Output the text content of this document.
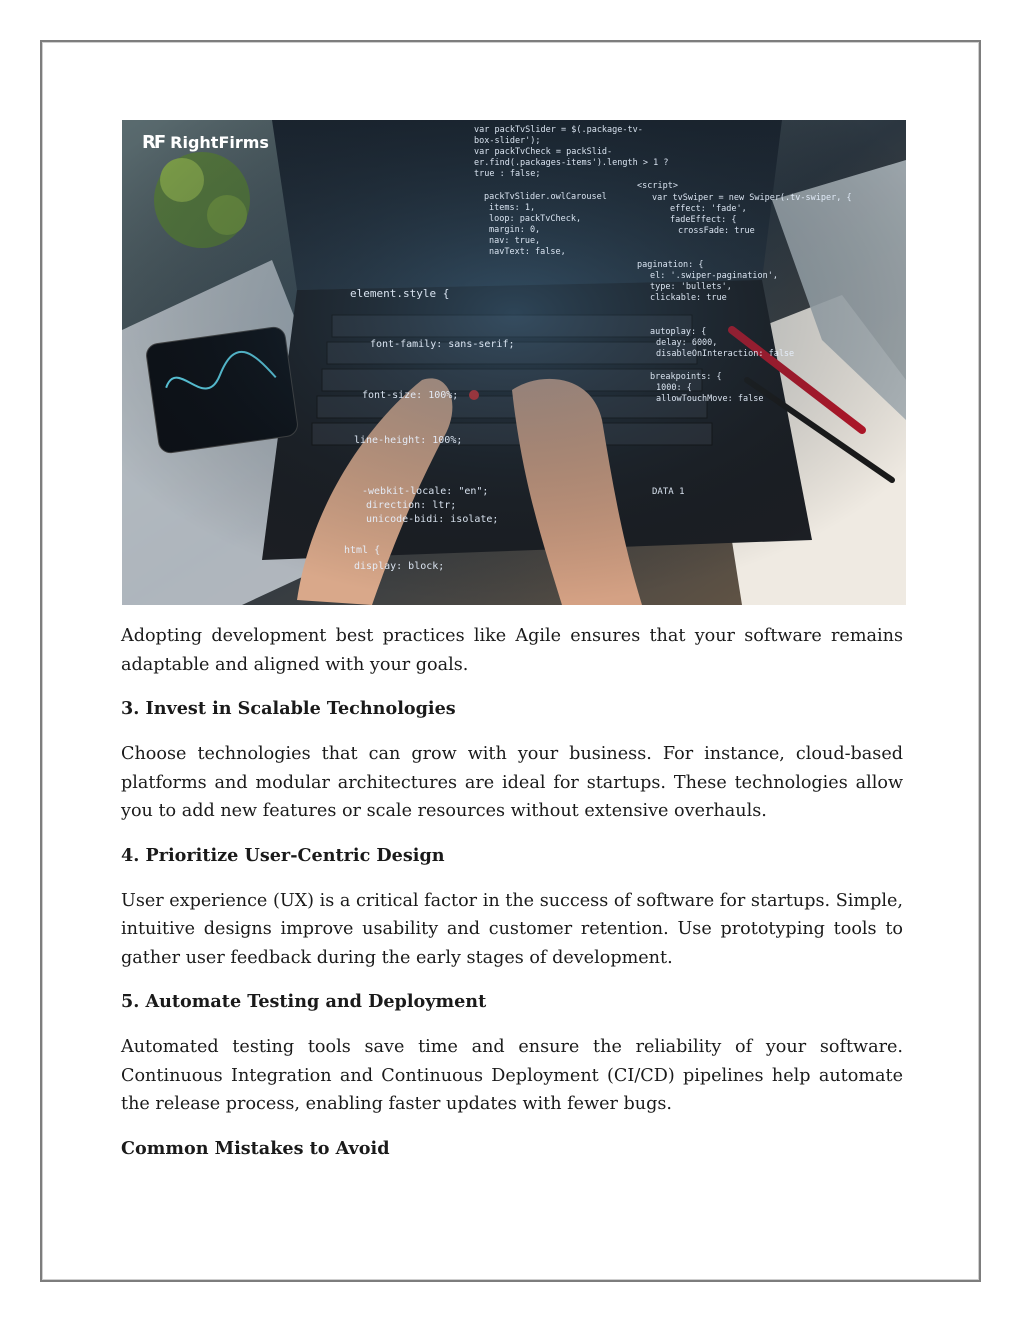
var packTvSlider = $(.package-tv-
box-slider');
var packTvCheck = packSlid-
er.find(.packages-items').length > 1 ?
true : false;
<script>
packTvSlider.owlCarousel	var tvSwiper = new Swiper(.tv-swiper, {
items: 1,	effect: 'fade',
loop: packTvCheck,	fadeEffect: {
margin: 0,	crossFade: true
nav: true,
navText: false,
pagination: {
el: '.swiper-pagination',
type: 'bullets',
clickable: true
element.style {
autoplay: {
delay: 6000,
disableOnInteraction: false
breakpoints: {
1000: {
allowTouchMove: false
font-family: sans-serif;
font-size: 100%;
line-height: 100%;
-webkit-locale: "en";
direction: ltr;
unicode-bidi: isolate;
html {
display: block;
DATA 1
RF RightFirms

Adopting development best practices like Agile ensures that your software remains adaptable and aligned with your goals.

3. Invest in Scalable Technologies

Choose technologies that can grow with your business. For instance, cloud-based platforms and modular architectures are ideal for startups. These technologies allow you to add new features or scale resources without extensive overhauls.

4. Prioritize User-Centric Design

User experience (UX) is a critical factor in the success of software for startups. Simple, intuitive designs improve usability and customer retention. Use prototyping tools to gather user feedback during the early stages of development.

5. Automate Testing and Deployment

Automated testing tools save time and ensure the reliability of your software. Continuous Integration and Continuous Deployment (CI/CD) pipelines help automate the release process, enabling faster updates with fewer bugs.

Common Mistakes to Avoid
